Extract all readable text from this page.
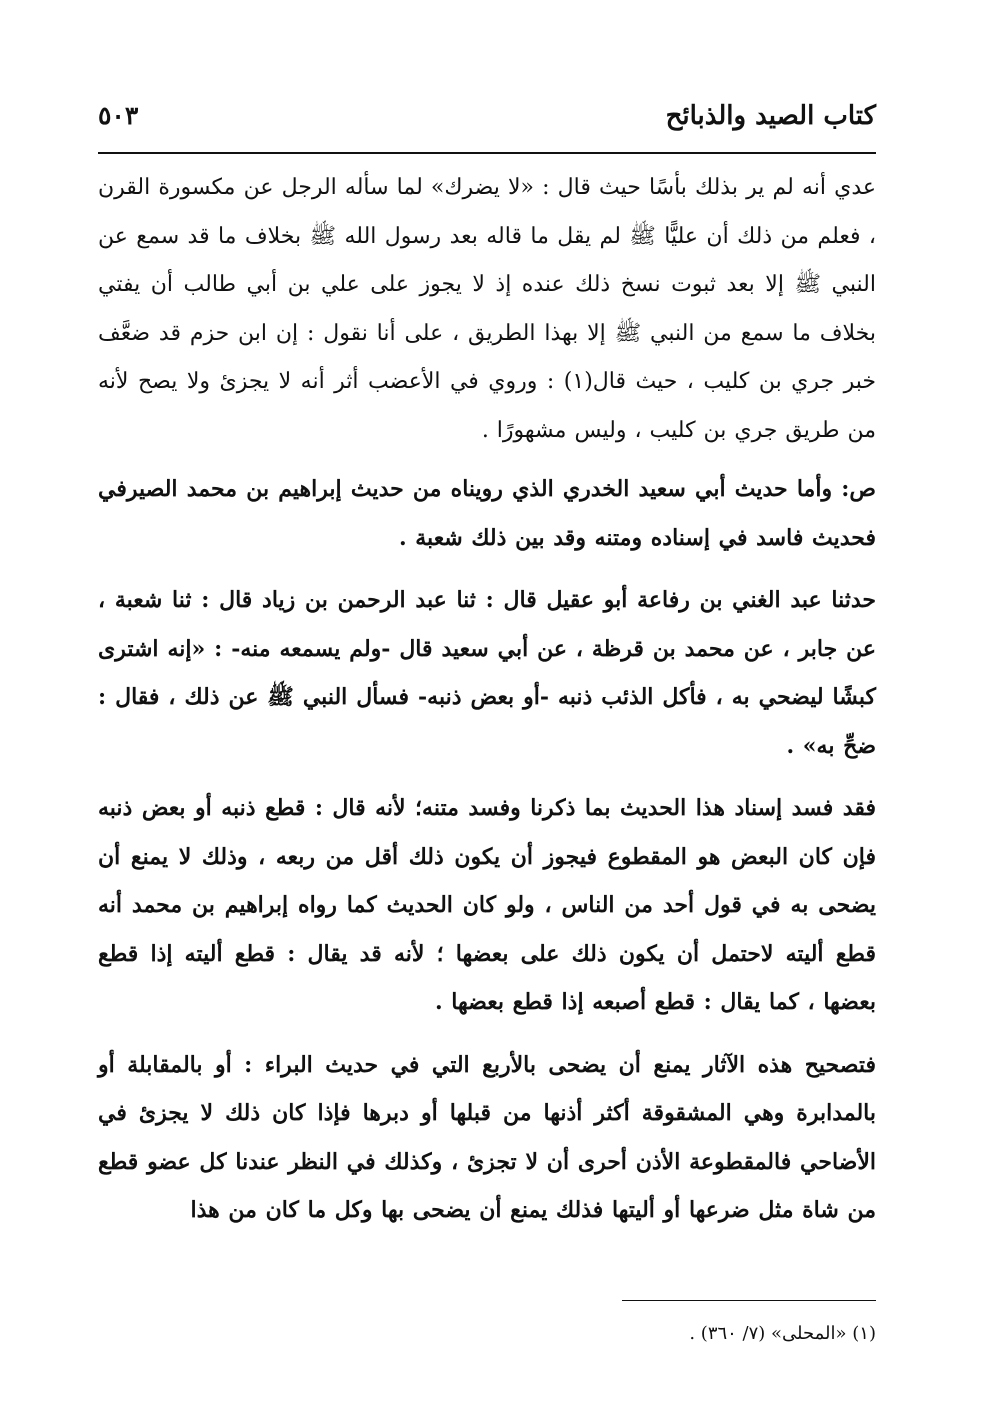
كتاب الصيد والذبائح
٥٠٣

عدي أنه لم ير بذلك بأسًا حيث قال : «لا يضرك» لما سأله الرجل عن مكسورة القرن ، فعلم من ذلك أن عليًّا ﷺ لم يقل ما قاله بعد رسول الله ﷺ بخلاف ما قد سمع عن النبي ﷺ إلا بعد ثبوت نسخ ذلك عنده إذ لا يجوز على علي بن أبي طالب أن يفتي بخلاف ما سمع من النبي ﷺ إلا بهذا الطريق ، على أنا نقول : إن ابن حزم قد ضعَّف خبر جري بن كليب ، حيث قال(١) : وروي في الأعضب أثر أنه لا يجزئ ولا يصح لأنه من طريق جري بن كليب ، وليس مشهورًا .

ص: وأما حديث أبي سعيد الخدري الذي رويناه من حديث إبراهيم بن محمد الصيرفي فحديث فاسد في إسناده ومتنه وقد بين ذلك شعبة .

حدثنا عبد الغني بن رفاعة أبو عقيل قال : ثنا عبد الرحمن بن زياد قال : ثنا شعبة ، عن جابر ، عن محمد بن قرظة ، عن أبي سعيد قال -ولم يسمعه منه- : «إنه اشترى كبشًا ليضحي به ، فأكل الذئب ذنبه -أو بعض ذنبه- فسأل النبي ﷺ عن ذلك ، فقال : ضحِّ به» .

فقد فسد إسناد هذا الحديث بما ذكرنا وفسد متنه؛ لأنه قال : قطع ذنبه أو بعض ذنبه فإن كان البعض هو المقطوع فيجوز أن يكون ذلك أقل من ربعه ، وذلك لا يمنع أن يضحى به في قول أحد من الناس ، ولو كان الحديث كما رواه إبراهيم بن محمد أنه قطع أليته لاحتمل أن يكون ذلك على بعضها ؛ لأنه قد يقال : قطع أليته إذا قطع بعضها ، كما يقال : قطع أصبعه إذا قطع بعضها .

فتصحيح هذه الآثار يمنع أن يضحى بالأربع التي في حديث البراء : أو بالمقابلة أو بالمدابرة وهي المشقوقة أكثر أذنها من قبلها أو دبرها فإذا كان ذلك لا يجزئ في الأضاحي فالمقطوعة الأذن أحرى أن لا تجزئ ، وكذلك في النظر عندنا كل عضو قطع من شاة مثل ضرعها أو أليتها فذلك يمنع أن يضحى بها وكل ما كان من هذا

(١) «المحلى» (٧/ ٣٦٠) .
